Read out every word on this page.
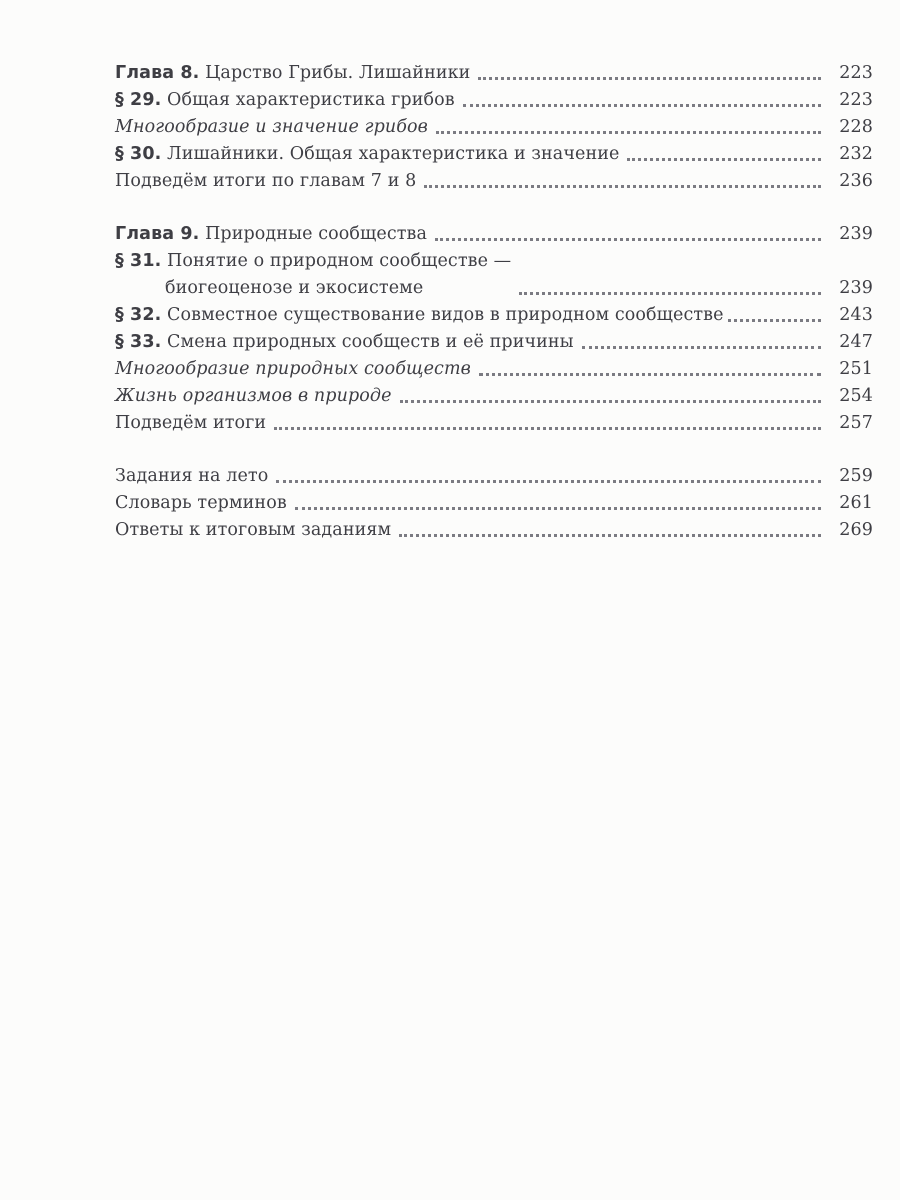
Глава 8. Царство Грибы. Лишайники	223
§ 29. Общая характеристика грибов	223
Многообразие и значение грибов	228
§ 30. Лишайники. Общая характеристика и значение	232
Подведём итоги по главам 7 и 8	236
Глава 9. Природные сообщества	239
§ 31. Понятие о природном сообществе —
биогеоценозе и экосистеме	239
§ 32. Совместное существование видов в природном сообществе	243
§ 33. Смена природных сообществ и её причины	247
Многообразие природных сообществ	251
Жизнь организмов в природе	254
Подведём итоги	257
Задания на лето	259
Словарь терминов	261
Ответы к итоговым заданиям	269
